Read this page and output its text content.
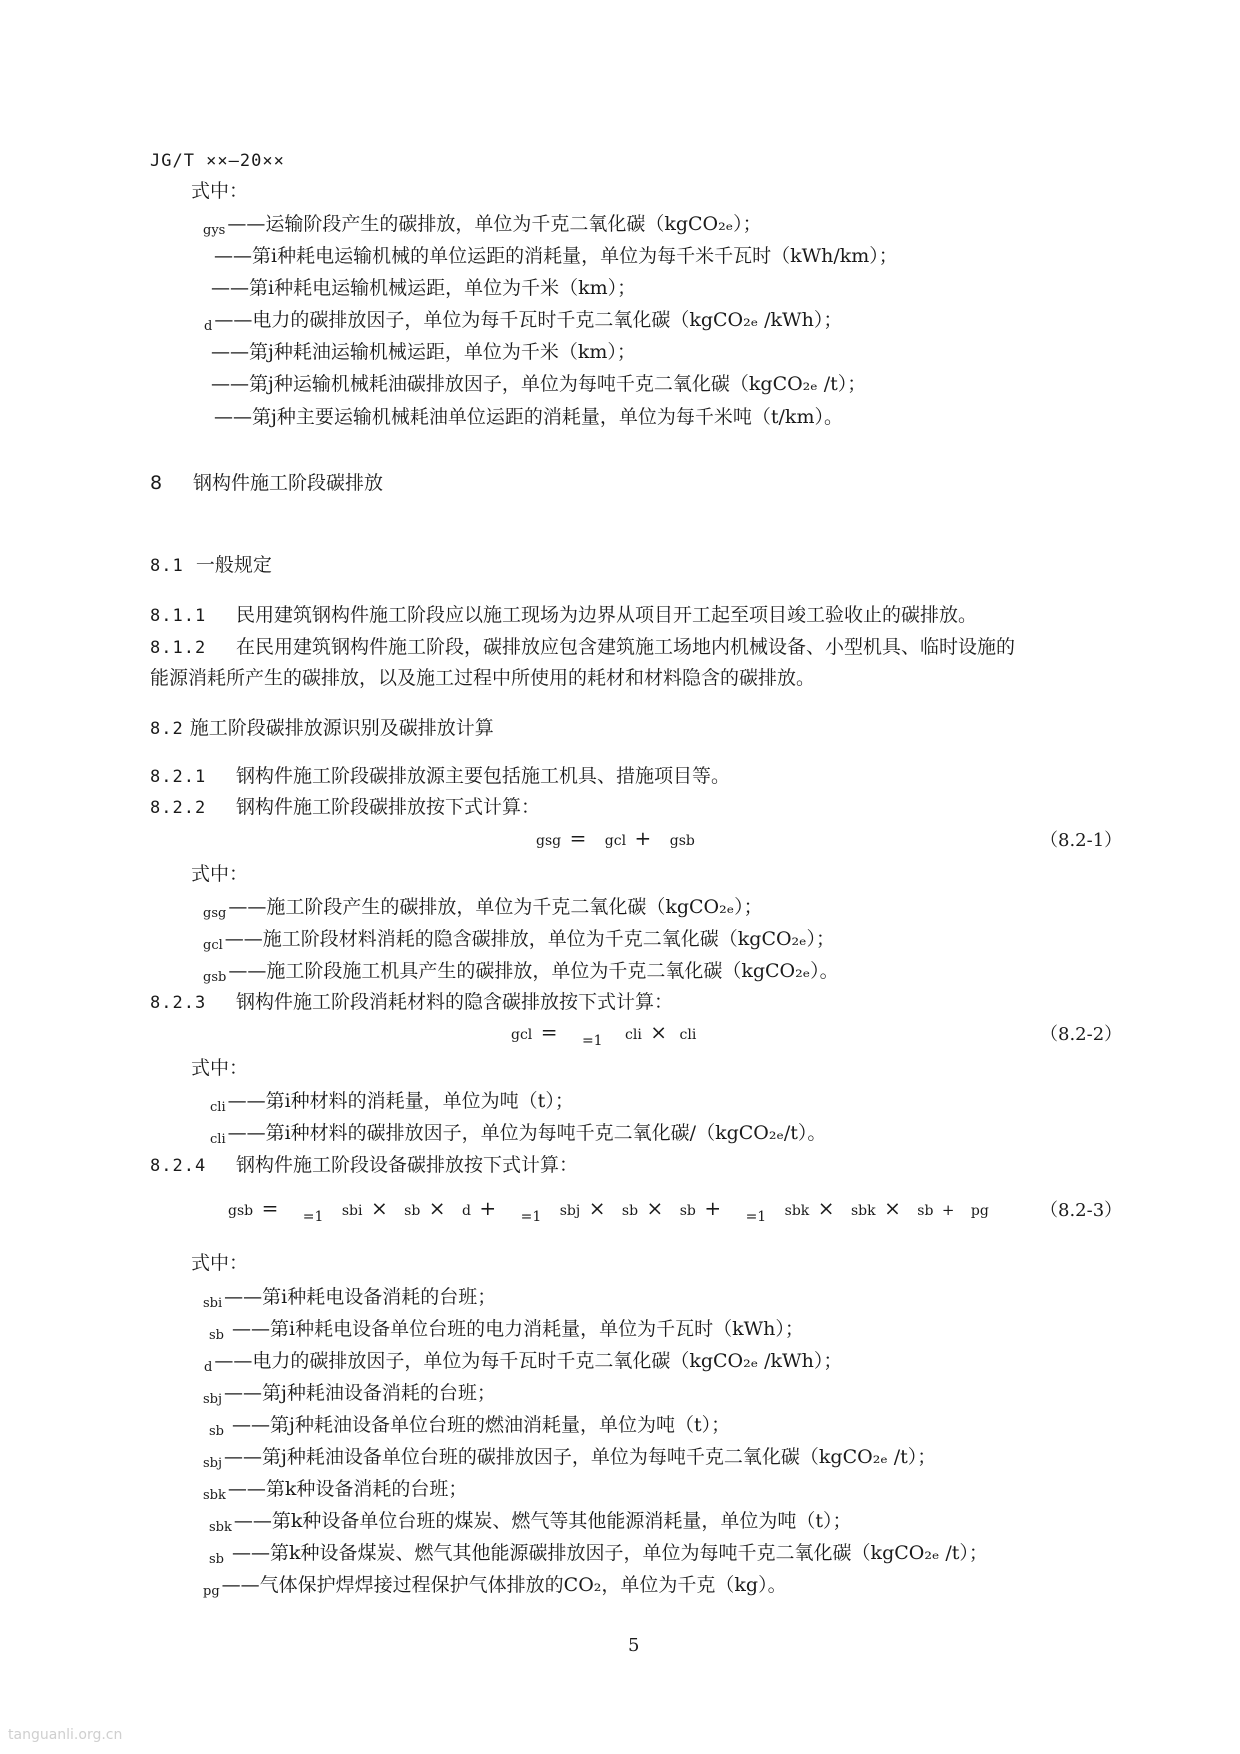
JG/T ××—20××
式中：
$_{gys}$ ——运输阶段产生的碳排放，单位为千克二氧化碳（kgCO₂ₑ）；
——第i种耗电运输机械的单位运距的消耗量，单位为每千米千瓦时（kWh/km）；
——第i种耗电运输机械运距，单位为千米（km）；
$_d$ ——电力的碳排放因子，单位为每千瓦时千克二氧化碳（kgCO₂ₑ /kWh）；
——第j种耗油运输机械运距，单位为千米（km）；
——第j种运输机械耗油碳排放因子，单位为每吨千克二氧化碳（kgCO₂ₑ /t）；
——第j种主要运输机械耗油单位运距的消耗量，单位为每千米吨（t/km）。
8 钢构件施工阶段碳排放
8.1 一般规定
8.1.1 民用建筑钢构件施工阶段应以施工现场为边界从项目开工起至项目竣工验收止的碳排放。
8.1.2 在民用建筑钢构件施工阶段，碳排放应包含建筑施工场地内机械设备、小型机具、临时设施的
能源消耗所产生的碳排放，以及施工过程中所使用的耗材和材料隐含的碳排放。
8.2 施工阶段碳排放源识别及碳排放计算
8.2.1 钢构件施工阶段碳排放源主要包括施工机具、措施项目等。
8.2.2 钢构件施工阶段碳排放按下式计算：
gsg = gcl + gsb	（8.2-1）
式中：
$_{gsg}$ ——施工阶段产生的碳排放，单位为千克二氧化碳（kgCO₂ₑ）；
$_{gcl}$ ——施工阶段材料消耗的隐含碳排放，单位为千克二氧化碳（kgCO₂ₑ）；
$_{gsb}$ ——施工阶段施工机具产生的碳排放，单位为千克二氧化碳（kgCO₂ₑ）。
8.2.3 钢构件施工阶段消耗材料的隐含碳排放按下式计算：
gcl = =1 cli × cli	（8.2-2）
式中：
$_{cli}$ ——第i种材料的消耗量，单位为吨（t）；
$_{cli}$ ——第i种材料的碳排放因子，单位为每吨千克二氧化碳/（kgCO₂ₑ/t）。
8.2.4 钢构件施工阶段设备碳排放按下式计算：
gsb = =1 sbi × sb × d + =1 sbj × sb × sb + =1 sbk × sbk × sb + pg	（8.2-3）
式中：
$_{sbi}$ ——第i种耗电设备消耗的台班；
$_{sb}$ ——第i种耗电设备单位台班的电力消耗量，单位为千瓦时（kWh）；
$_d$ ——电力的碳排放因子，单位为每千瓦时千克二氧化碳（kgCO₂ₑ /kWh）；
$_{sbj}$ ——第j种耗油设备消耗的台班；
$_{sb}$ ——第j种耗油设备单位台班的燃油消耗量，单位为吨（t）；
$_{sbj}$ ——第j种耗油设备单位台班的碳排放因子，单位为每吨千克二氧化碳（kgCO₂ₑ /t）；
$_{sbk}$ ——第k种设备消耗的台班；
$_{sbk}$ ——第k种设备单位台班的煤炭、燃气等其他能源消耗量，单位为吨（t）；
$_{sb}$ ——第k种设备煤炭、燃气其他能源碳排放因子，单位为每吨千克二氧化碳（kgCO₂ₑ /t）；
$_{pg}$ ——气体保护焊焊接过程保护气体排放的CO₂，单位为千克（kg）。
5
tanguanli.org.cn
